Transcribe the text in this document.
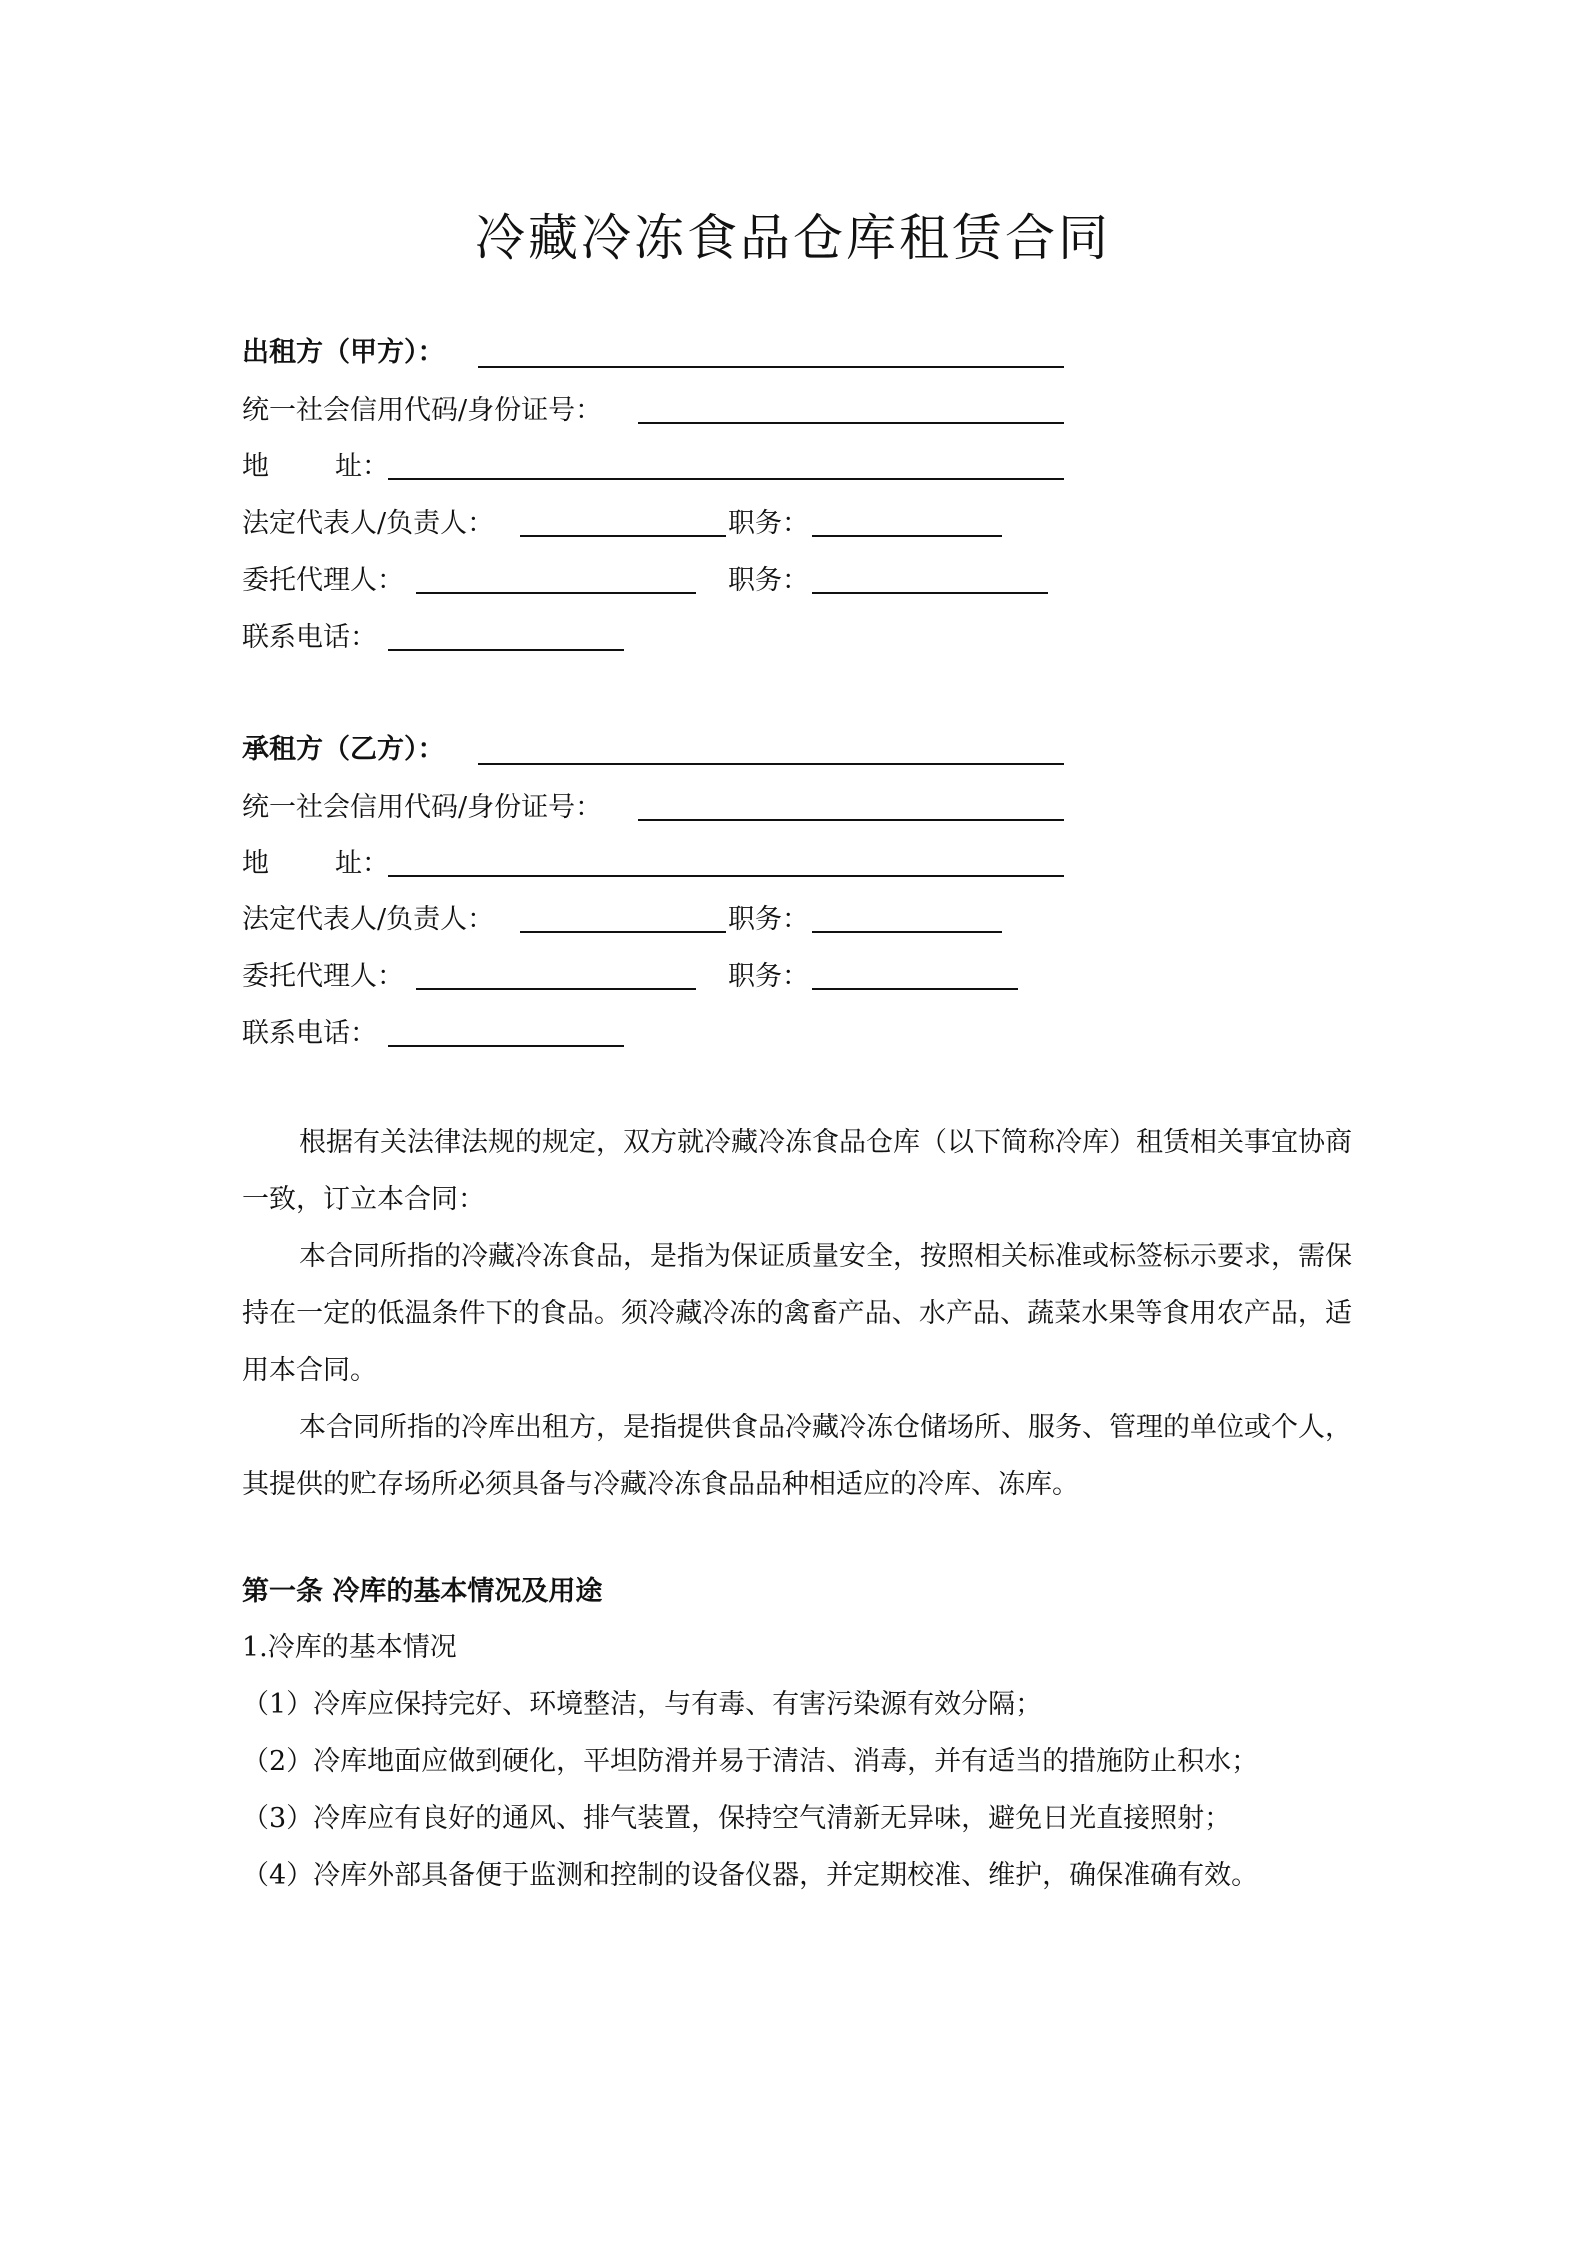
冷藏冷冻食品仓库租赁合同
出租方（甲方）：
统一社会信用代码/身份证号：
地址：
法定代表人/负责人：	职务：
委托代理人：	职务：
联系电话：
承租方（乙方）：
统一社会信用代码/身份证号：
地址：
法定代表人/负责人：	职务：
委托代理人：	职务：
联系电话：

根据有关法律法规的规定，双方就冷藏冷冻食品仓库（以下简称冷库）租赁相关事宜协商一致，订立本合同：

本合同所指的冷藏冷冻食品，是指为保证质量安全，按照相关标准或标签标示要求，需保持在一定的低温条件下的食品。须冷藏冷冻的禽畜产品、水产品、蔬菜水果等食用农产品，适用本合同。

本合同所指的冷库出租方，是指提供食品冷藏冷冻仓储场所、服务、管理的单位或个人，其提供的贮存场所必须具备与冷藏冷冻食品品种相适应的冷库、冻库。

第一条 冷库的基本情况及用途
1.冷库的基本情况
（1）冷库应保持完好、环境整洁，与有毒、有害污染源有效分隔；
（2）冷库地面应做到硬化，平坦防滑并易于清洁、消毒，并有适当的措施防止积水；
（3）冷库应有良好的通风、排气装置，保持空气清新无异味，避免日光直接照射；
（4）冷库外部具备便于监测和控制的设备仪器，并定期校准、维护，确保准确有效。
